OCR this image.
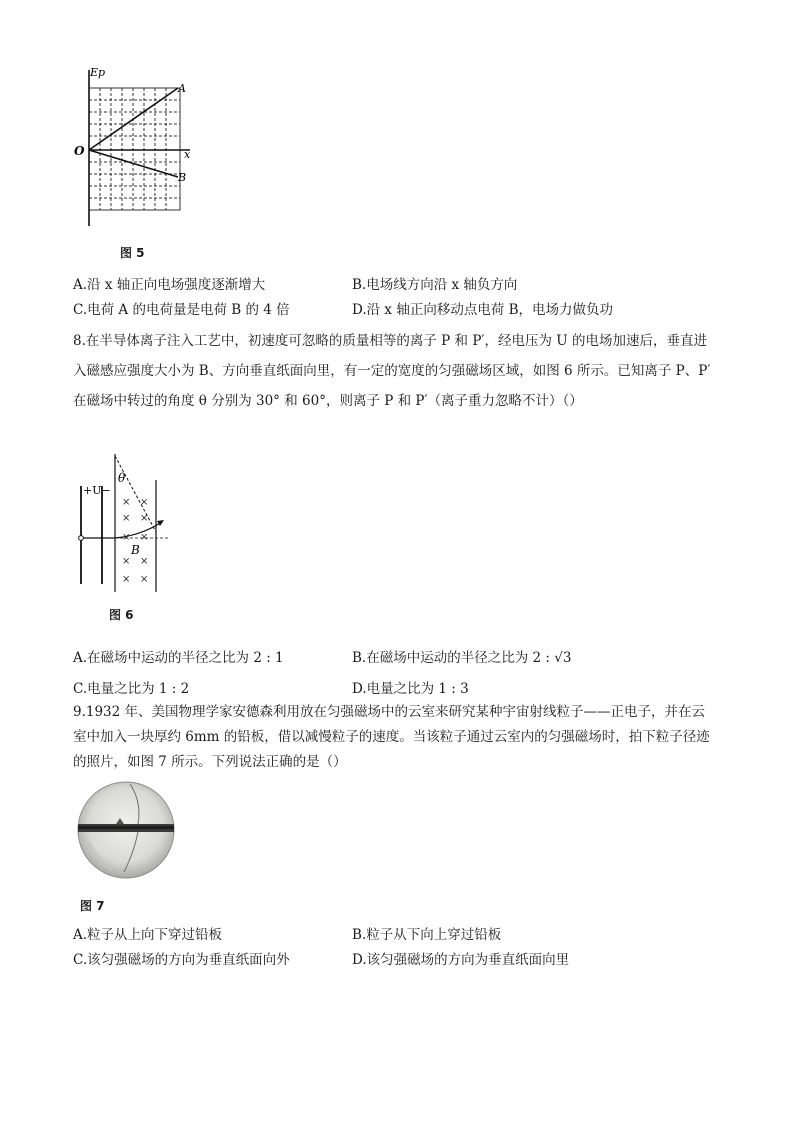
Ep
x
O
A
B
图 5
A.沿 x 轴正向电场强度逐渐增大	B.电场线方向沿 x 轴负方向
C.电荷 A 的电荷量是电荷 B 的 4 倍	D.沿 x 轴正向移动点电荷 B，电场力做负功
8.在半导体离子注入工艺中，初速度可忽略的质量相等的离子 P 和 P′，经电压为 U 的电场加速后，垂直进
入磁感应强度大小为 B、方向垂直纸面向里，有一定的宽度的匀强磁场区域，如图 6 所示。已知离子 P、P′
在磁场中转过的角度 θ 分别为 30° 和 60°，则离子 P 和 P′（离子重力忽略不计）（）
+U−
θ
× ×
× ×
× ×
× ×
× ×
B
图 6
A.在磁场中运动的半径之比为 2 : 1	B.在磁场中运动的半径之比为 2 : √3
C.电量之比为 1 : 2	D.电量之比为 1 : 3
9.1932 年、美国物理学家安德森利用放在匀强磁场中的云室来研究某种宇宙射线粒子——正电子，并在云
室中加入一块厚约 6mm 的铅板，借以减慢粒子的速度。当该粒子通过云室内的匀强磁场时，拍下粒子径迹
的照片，如图 7 所示。下列说法正确的是（）
图 7
A.粒子从上向下穿过铅板	B.粒子从下向上穿过铅板
C.该匀强磁场的方向为垂直纸面向外	D.该匀强磁场的方向为垂直纸面向里
